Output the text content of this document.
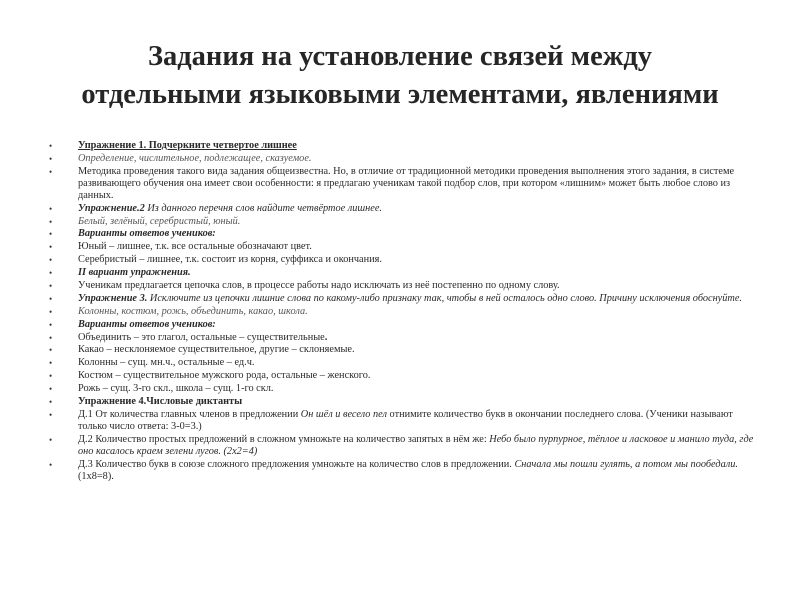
Задания на установление связей между
отдельными языковыми элементами, явлениями
• Упражнение 1. Подчеркните четвертое лишнее
• Определение, числительное, подлежащее, сказуемое.
• Методика проведения такого вида задания общеизвестна. Но, в отличие от традиционной методики проведения выполнения этого задания, в системе развивающего обучения она имеет свои особенности: я предлагаю ученикам такой подбор слов, при котором «лишним» может быть любое слово из данных.
• Упражнение.2 Из данного перечня слов найдите четвёртое лишнее.
• Белый, зелёный, серебристый, юный.
• Варианты ответов учеников:
• Юный – лишнее, т.к. все остальные обозначают цвет.
• Серебристый – лишнее, т.к. состоит из корня, суффикса и окончания.
• II вариант упражнения.
• Ученикам предлагается цепочка слов, в процессе работы надо исключать из неё постепенно по одному слову.
• Упражнение 3. Исключите из цепочки лишние слова по какому-либо признаку так, чтобы в ней осталось одно слово. Причину исключения обоснуйте.
• Колонны, костюм, рожь, объединить, какао, школа.
• Варианты ответов учеников:
• Объединить – это глагол, остальные – существительные.
• Какао – несклоняемое существительное, другие – склоняемые.
• Колонны – сущ. мн.ч., остальные – ед.ч.
• Костюм – существительное мужского рода, остальные – женского.
• Рожь – сущ. 3-го скл., школа – сущ. 1-го скл.
• Упражнение 4.Числовые диктанты
• Д.1 От количества главных членов в предложении Он шёл и весело пел отнимите количество букв в окончании последнего слова. (Ученики называют только число ответа: 3-0=3.)
• Д.2 Количество простых предложений в сложном умножьте на количество запятых в нём же: Небо было пурпурное, тёплое и ласковое и манило туда, где оно касалось краем зелени лугов. (2х2=4)
• Д.3 Количество букв в союзе сложного предложения умножьте на количество слов в предложении. Сначала мы пошли гулять, а потом мы пообедали. (1х8=8).
